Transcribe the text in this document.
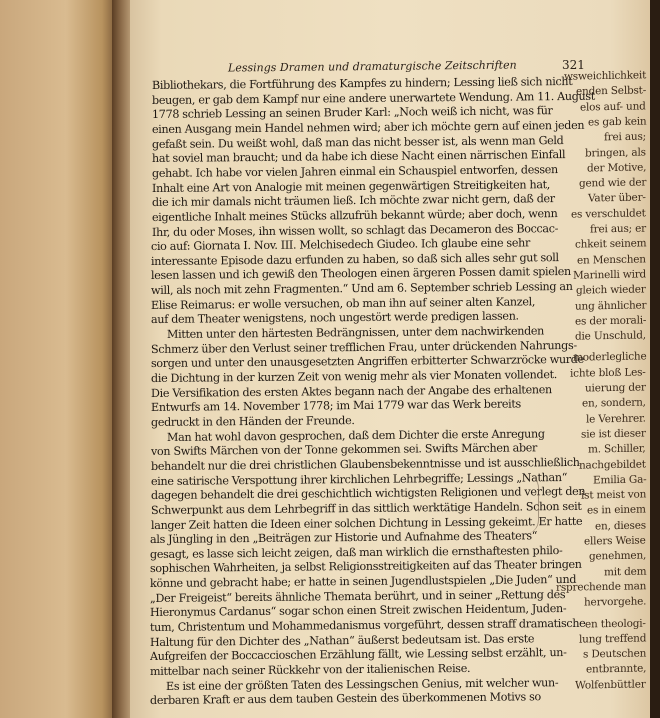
Lessings Dramen und dramaturgische Zeitschriften	321
wsweichlichkeit
enden Selbst-
elos auf- und
es gab kein
frei aus;
bringen, als
der Motive,
gend wie der
Vater über-
es verschuldet
frei aus; er
chkeit seinem
en Menschen
Marinelli wird
gleich wieder
ung ähnlicher
es der morali-
die Unschuld,
moderlegliche
ichte bloß Les-
uierung der
en, sondern,
le Verehrer.
sie ist dieser
m. Schiller,
nachgebildet
Emilia Ga-
ist meist von
es in einem
en, dieses
ellers Weise
genehmen,
mit dem
rsprechende man
hervorgehe.
en theologi-
lung treffend
s Deutschen
entbrannte,
Wolfenbüttler
Bibliothekars, die Fortführung des Kampfes zu hindern; Lessing ließ sich nicht
beugen, er gab dem Kampf nur eine andere unerwartete Wendung. Am 11. August
1778 schrieb Lessing an seinen Bruder Karl: „Noch weiß ich nicht, was für
einen Ausgang mein Handel nehmen wird; aber ich möchte gern auf einen jeden
gefaßt sein. Du weißt wohl, daß man das nicht besser ist, als wenn man Geld
hat soviel man braucht; und da habe ich diese Nacht einen närrischen Einfall
gehabt. Ich habe vor vielen Jahren einmal ein Schauspiel entworfen, dessen
Inhalt eine Art von Analogie mit meinen gegenwärtigen Streitigkeiten hat,
die ich mir damals nicht träumen ließ. Ich möchte zwar nicht gern, daß der
eigentliche Inhalt meines Stücks allzufrüh bekannt würde; aber doch, wenn
Ihr, du oder Moses, ihn wissen wollt, so schlagt das Decameron des Boccac-
cio auf: Giornata I. Nov. III. Melchisedech Giudeo. Ich glaube eine sehr
interessante Episode dazu erfunden zu haben, so daß sich alles sehr gut soll
lesen lassen und ich gewiß den Theologen einen ärgeren Possen damit spielen
will, als noch mit zehn Fragmenten.“ Und am 6. September schrieb Lessing an
Elise Reimarus: er wolle versuchen, ob man ihn auf seiner alten Kanzel,
auf dem Theater wenigstens, noch ungestört werde predigen lassen.
Mitten unter den härtesten Bedrängnissen, unter dem nachwirkenden
Schmerz über den Verlust seiner trefflichen Frau, unter drückenden Nahrungs-
sorgen und unter den unausgesetzten Angriffen erbitterter Schwarzröcke wurde
die Dichtung in der kurzen Zeit von wenig mehr als vier Monaten vollendet.
Die Versifikation des ersten Aktes begann nach der Angabe des erhaltenen
Entwurfs am 14. November 1778; im Mai 1779 war das Werk bereits
gedruckt in den Händen der Freunde.
Man hat wohl davon gesprochen, daß dem Dichter die erste Anregung
von Swifts Märchen von der Tonne gekommen sei. Swifts Märchen aber
behandelt nur die drei christlichen Glaubensbekenntnisse und ist ausschließlich
eine satirische Verspottung ihrer kirchlichen Lehrbegriffe; Lessings „Nathan“
dagegen behandelt die drei geschichtlich wichtigsten Religionen und verlegt den
Schwerpunkt aus dem Lehrbegriff in das sittlich werktätige Handeln. Schon seit
langer Zeit hatten die Ideen einer solchen Dichtung in Lessing gekeimt. Er hatte
als Jüngling in den „Beiträgen zur Historie und Aufnahme des Theaters“
gesagt, es lasse sich leicht zeigen, daß man wirklich die ernsthaftesten philo-
sophischen Wahrheiten, ja selbst Religionsstreitigkeiten auf das Theater bringen
könne und gebracht habe; er hatte in seinen Jugendlustspielen „Die Juden“ und
„Der Freigeist“ bereits ähnliche Themata berührt, und in seiner „Rettung des
Hieronymus Cardanus“ sogar schon einen Streit zwischen Heidentum, Juden-
tum, Christentum und Mohammedanismus vorgeführt, dessen straff dramatische
Haltung für den Dichter des „Nathan“ äußerst bedeutsam ist. Das erste
Aufgreifen der Boccaccioschen Erzählung fällt, wie Lessing selbst erzählt, un-
mittelbar nach seiner Rückkehr von der italienischen Reise.
Es ist eine der größten Taten des Lessingschen Genius, mit welcher wun-
derbaren Kraft er aus dem tauben Gestein des überkommenen Motivs so
